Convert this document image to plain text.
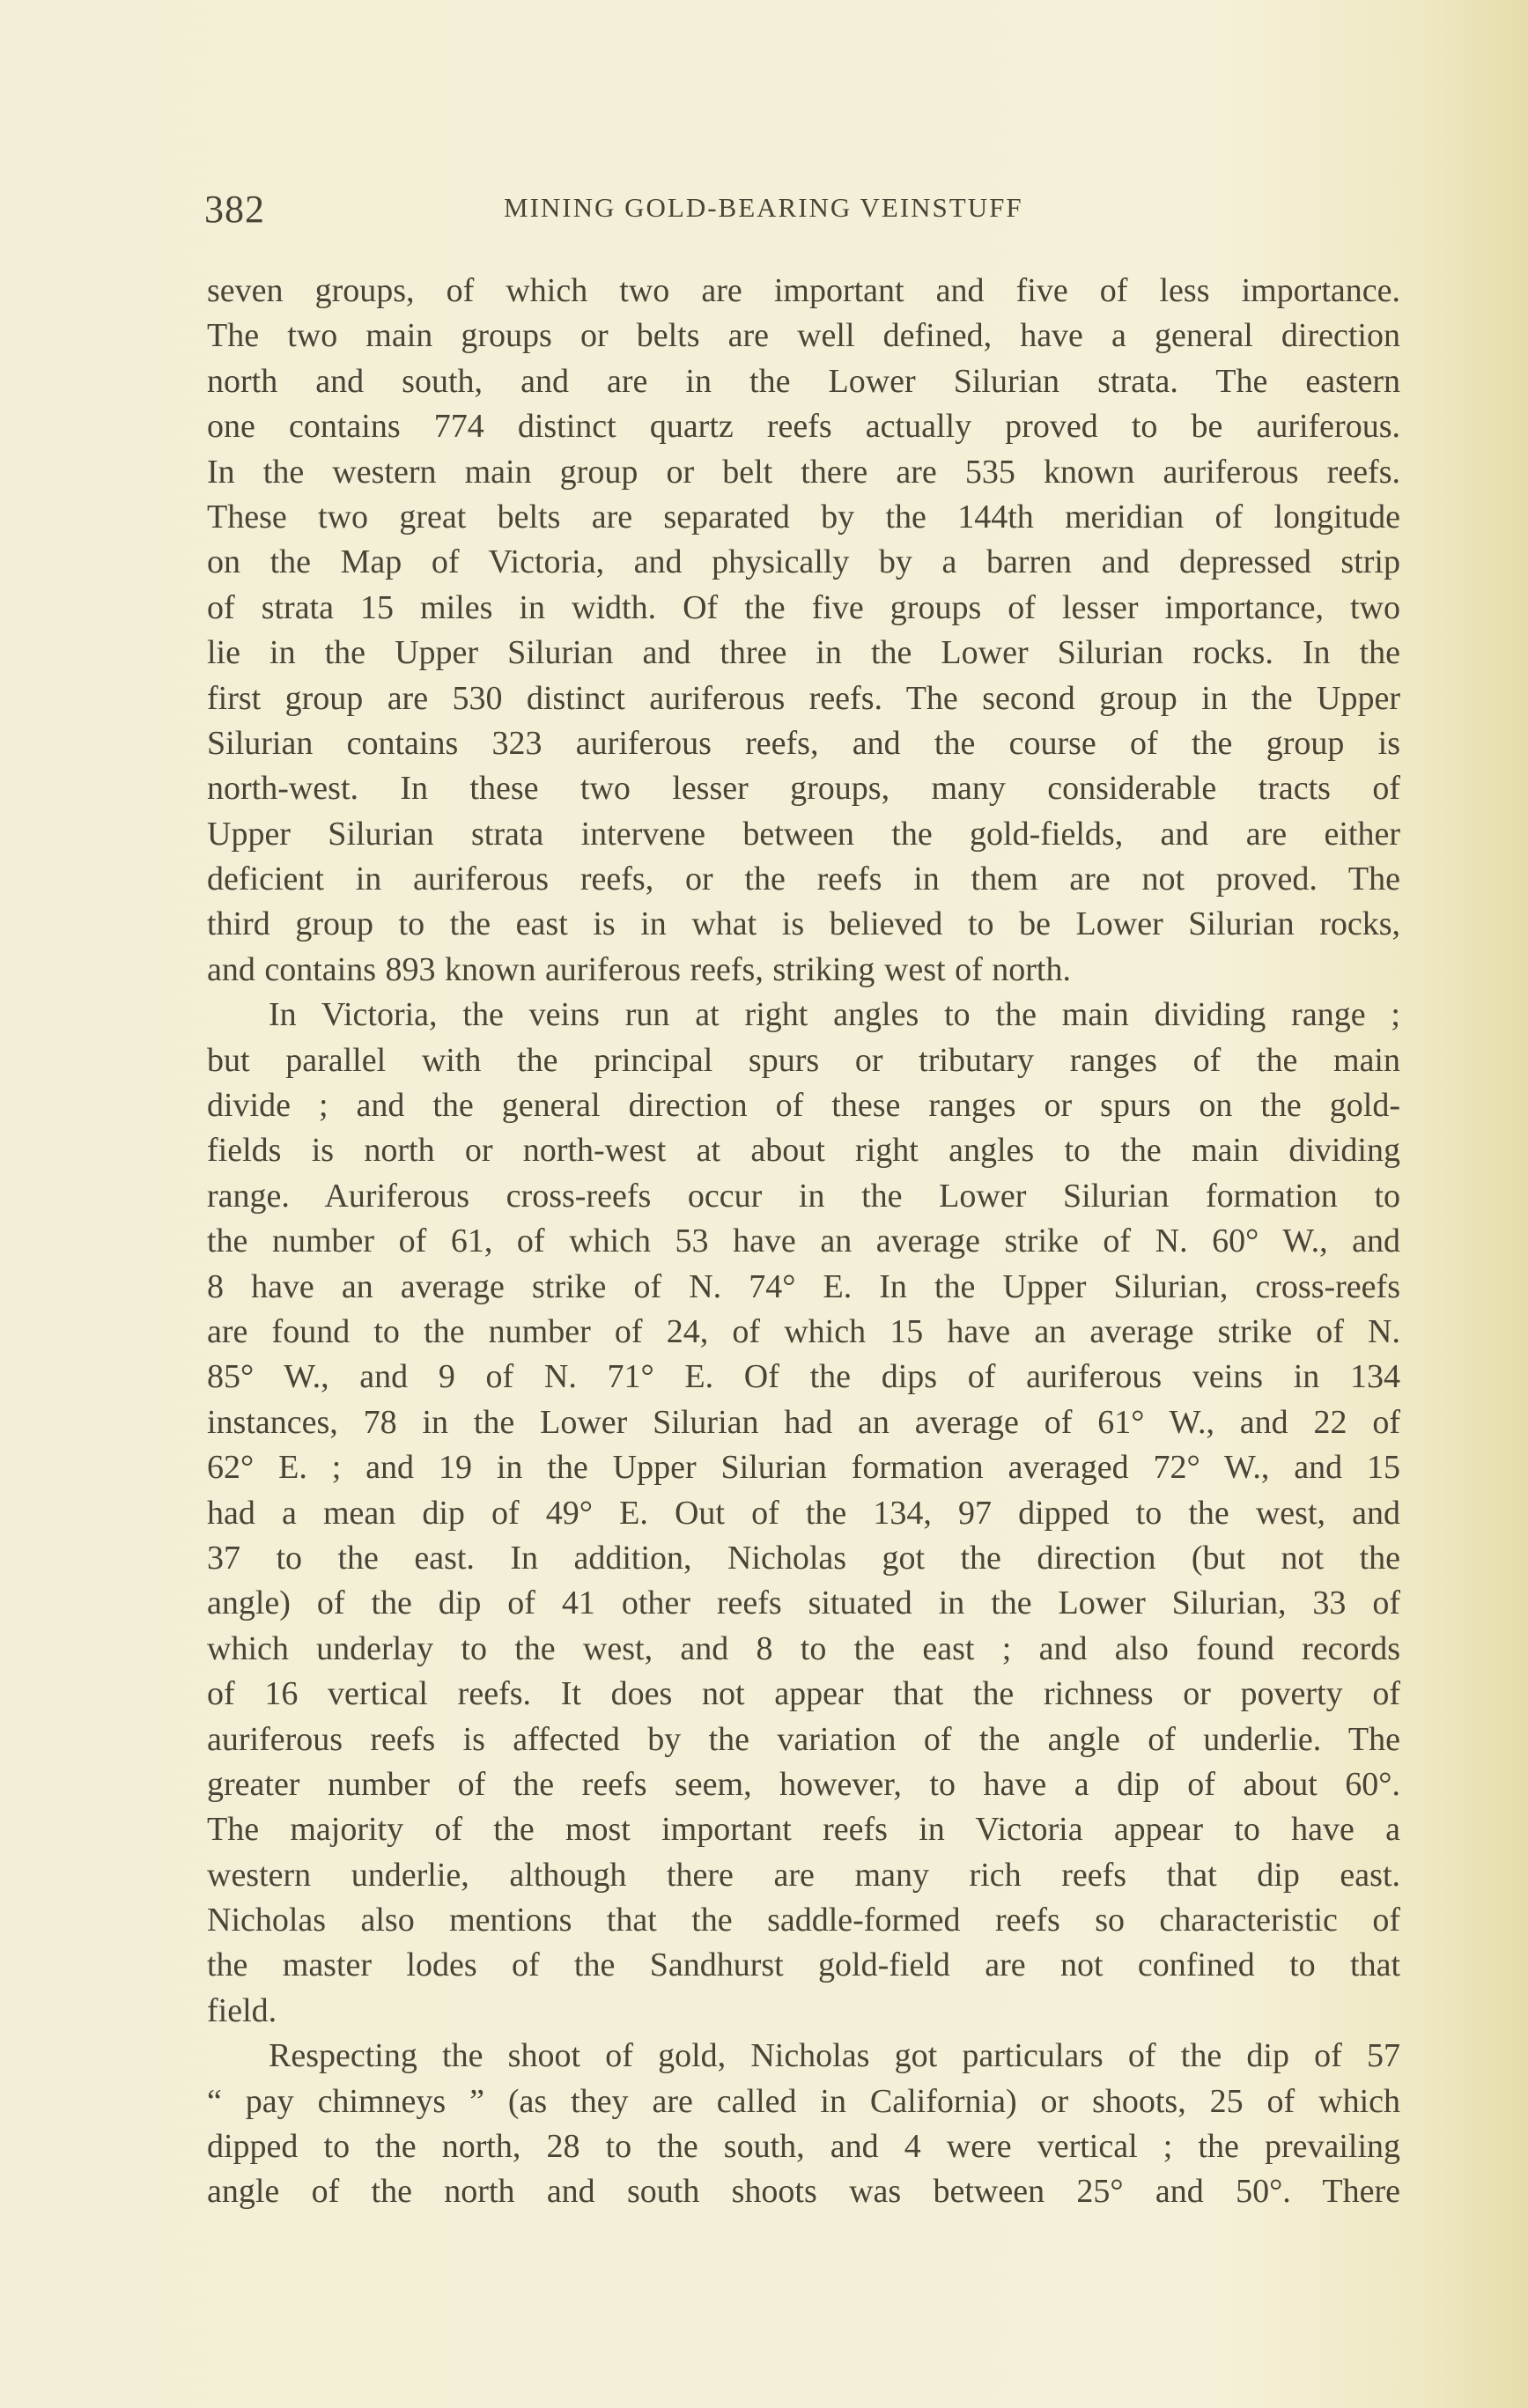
382	MINING GOLD-BEARING VEINSTUFF
seven groups, of which two are important and five of less importance.
The two main groups or belts are well defined, have a general direction
north and south, and are in the Lower Silurian strata. The eastern
one contains 774 distinct quartz reefs actually proved to be auriferous.
In the western main group or belt there are 535 known auriferous reefs.
These two great belts are separated by the 144th meridian of longitude
on the Map of Victoria, and physically by a barren and depressed strip
of strata 15 miles in width. Of the five groups of lesser importance, two
lie in the Upper Silurian and three in the Lower Silurian rocks. In the
first group are 530 distinct auriferous reefs. The second group in the Upper
Silurian contains 323 auriferous reefs, and the course of the group is
north-west. In these two lesser groups, many considerable tracts of
Upper Silurian strata intervene between the gold-fields, and are either
deficient in auriferous reefs, or the reefs in them are not proved. The
third group to the east is in what is believed to be Lower Silurian rocks,
and contains 893 known auriferous reefs, striking west of north.
In Victoria, the veins run at right angles to the main dividing range ;
but parallel with the principal spurs or tributary ranges of the main
divide ; and the general direction of these ranges or spurs on the gold-
fields is north or north-west at about right angles to the main dividing
range. Auriferous cross-reefs occur in the Lower Silurian formation to
the number of 61, of which 53 have an average strike of N. 60° W., and
8 have an average strike of N. 74° E. In the Upper Silurian, cross-reefs
are found to the number of 24, of which 15 have an average strike of N.
85° W., and 9 of N. 71° E. Of the dips of auriferous veins in 134
instances, 78 in the Lower Silurian had an average of 61° W., and 22 of
62° E. ; and 19 in the Upper Silurian formation averaged 72° W., and 15
had a mean dip of 49° E. Out of the 134, 97 dipped to the west, and
37 to the east. In addition, Nicholas got the direction (but not the
angle) of the dip of 41 other reefs situated in the Lower Silurian, 33 of
which underlay to the west, and 8 to the east ; and also found records
of 16 vertical reefs. It does not appear that the richness or poverty of
auriferous reefs is affected by the variation of the angle of underlie. The
greater number of the reefs seem, however, to have a dip of about 60°.
The majority of the most important reefs in Victoria appear to have a
western underlie, although there are many rich reefs that dip east.
Nicholas also mentions that the saddle-formed reefs so characteristic of
the master lodes of the Sandhurst gold-field are not confined to that
field.
Respecting the shoot of gold, Nicholas got particulars of the dip of 57
“ pay chimneys ” (as they are called in California) or shoots, 25 of which
dipped to the north, 28 to the south, and 4 were vertical ; the prevailing
angle of the north and south shoots was between 25° and 50°. There
